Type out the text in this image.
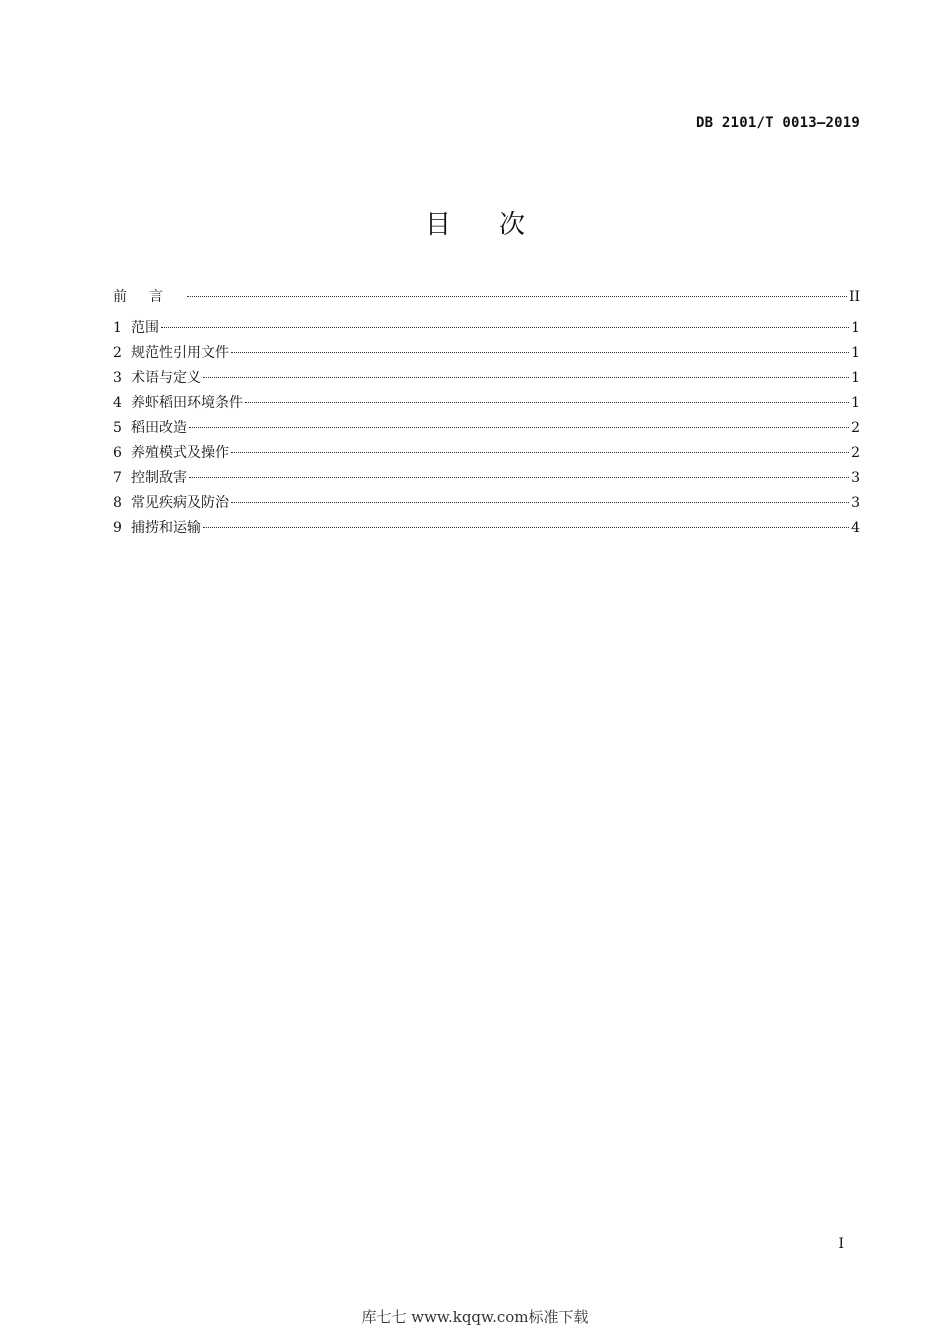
DB 2101/T 0013—2019
目 次
前言	II
1 范围	1
2 规范性引用文件	1
3 术语与定义	1
4 养虾稻田环境条件	1
5 稻田改造	2
6 养殖模式及操作	2
7 控制敌害	3
8 常见疾病及防治	3
9 捕捞和运输	4
I
库七七 www.kqqw.com标准下载
